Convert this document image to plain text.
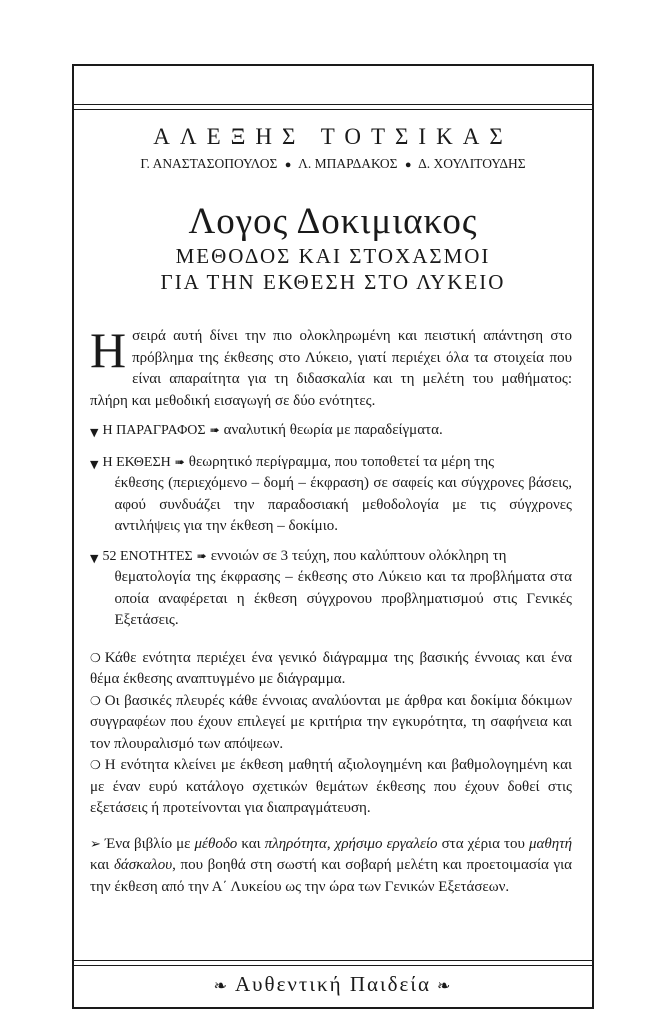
ΑΛΕΞΗΣ ΤΟΤΣΙΚΑΣ
Γ. ΑΝΑΣΤΑΣΟΠΟΥΛΟΣ ● Λ. ΜΠΑΡΔΑΚΟΣ ● Δ. ΧΟΥΛΙΤΟΥΔΗΣ
Λογος Δοκιμιακος
ΜΕΘΟΔΟΣ ΚΑΙ ΣΤΟΧΑΣΜΟΙ
ΓΙΑ ΤΗΝ ΕΚΘΕΣΗ ΣΤΟ ΛΥΚΕΙΟ

Ησειρά αυτή δίνει την πιο ολοκληρωμένη και πειστική απάντηση στο πρόβλημα της έκθεσης στο Λύκειο, γιατί περιέχει όλα τα στοιχεία που είναι απαραίτητα για τη διδασκαλία και τη μελέτη του μαθήματος: πλήρη και μεθοδική εισαγωγή σε δύο ενότητες.

▼ Η ΠΑΡΑΓΡΑΦΟΣ ➠ αναλυτική θεωρία με παραδείγματα.
▼ Η ΕΚΘΕΣΗ ➠ θεωρητικό περίγραμμα, που τοποθετεί τα μέρη της
έκθεσης (περιεχόμενο – δομή – έκφραση) σε σαφείς και σύγχρονες βάσεις, αφού συνδυάζει την παραδοσιακή μεθοδολογία με τις σύγχρονες αντιλήψεις για την έκθεση – δοκίμιο.
▼ 52 ΕΝΟΤΗΤΕΣ ➠ εννοιών σε 3 τεύχη, που καλύπτουν ολόκληρη τη
θεματολογία της έκφρασης – έκθεσης στο Λύκειο και τα προβλήματα στα οποία αναφέρεται η έκθεση σύγχρονου προβληματισμού στις Γενικές Εξετάσεις.

❍ Κάθε ενότητα περιέχει ένα γενικό διάγραμμα της βασικής έννοιας και ένα θέμα έκθεσης αναπτυγμένο με διάγραμμα.

❍ Οι βασικές πλευρές κάθε έννοιας αναλύονται με άρθρα και δοκίμια δόκιμων συγγραφέων που έχουν επιλεγεί με κριτήρια την εγκυρότητα, τη σαφήνεια και τον πλουραλισμό των απόψεων.

❍ Η ενότητα κλείνει με έκθεση μαθητή αξιολογημένη και βαθμολογημένη και με έναν ευρύ κατάλογο σχετικών θεμάτων έκθεσης που έχουν δοθεί στις εξετάσεις ή προτείνονται για διαπραγμάτευση.

➢ Ένα βιβλίο με μέθοδο και πληρότητα, χρήσιμο εργαλείο στα χέρια του μαθητή και δάσκαλου, που βοηθά στη σωστή και σοβαρή μελέτη και προετοιμασία για την έκθεση από την Α΄ Λυκείου ως την ώρα των Γενικών Εξετάσεων.

❧ Αυθεντική Παιδεία ❧
